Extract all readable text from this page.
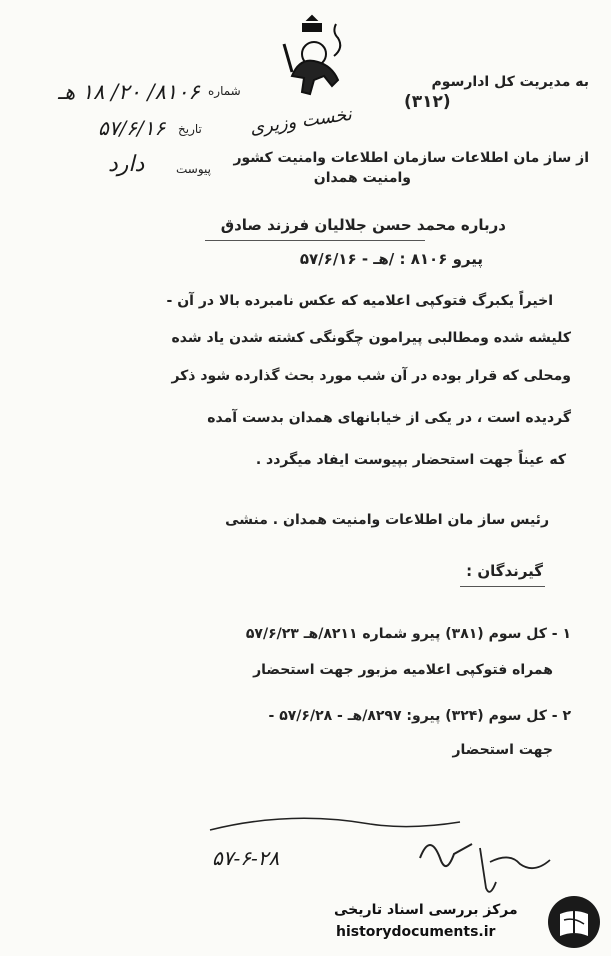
نخست وزیری
به مدیریت کل ادارسوم
(۳۱۲)
شماره
۸۱۰۶/ ۲۰/ ۱۸ هـ
تاریخ
۵۷/۶/۱۶
پیوست
دارد	از ساز مان اطلاعات سازمان اطلاعات وامنیت کشور
وامنیت همدان
درباره محمد حسن جلالیان فرزند صادق
پیرو ۸۱۰۶ : /هـ - ۵۷/۶/۱۶
اخیراً یکبرگ فتوکپی اعلامیه که عکس نامبرده بالا در آن -
کلیشه شده ومطالبی پیرامون چگونگی کشته شدن یاد شده
ومحلی که قرار بوده در آن شب مورد بحث گذارده شود ذکر
گردیده است ، در یکی از خیابانهای همدان بدست آمده
که عیناً جهت استحضار بپیوست ایفاد میگردد .
رئیس ساز مان اطلاعات وامنیت همدان . منشی
گیرندگان :
۱ - کل سوم (۳۸۱) پیرو شماره ۸۲۱۱/هـ ۵۷/۶/۲۳
همراه فتوکپی اعلامیه مزبور جهت استحضار
۲ - کل سوم (۳۲۴) پیرو: ۸۲۹۷/هـ - ۵۷/۶/۲۸ -
جهت استحضار
۵۷-۶-۲۸
مرکز بررسی اسناد تاریخی
historydocuments.ir
